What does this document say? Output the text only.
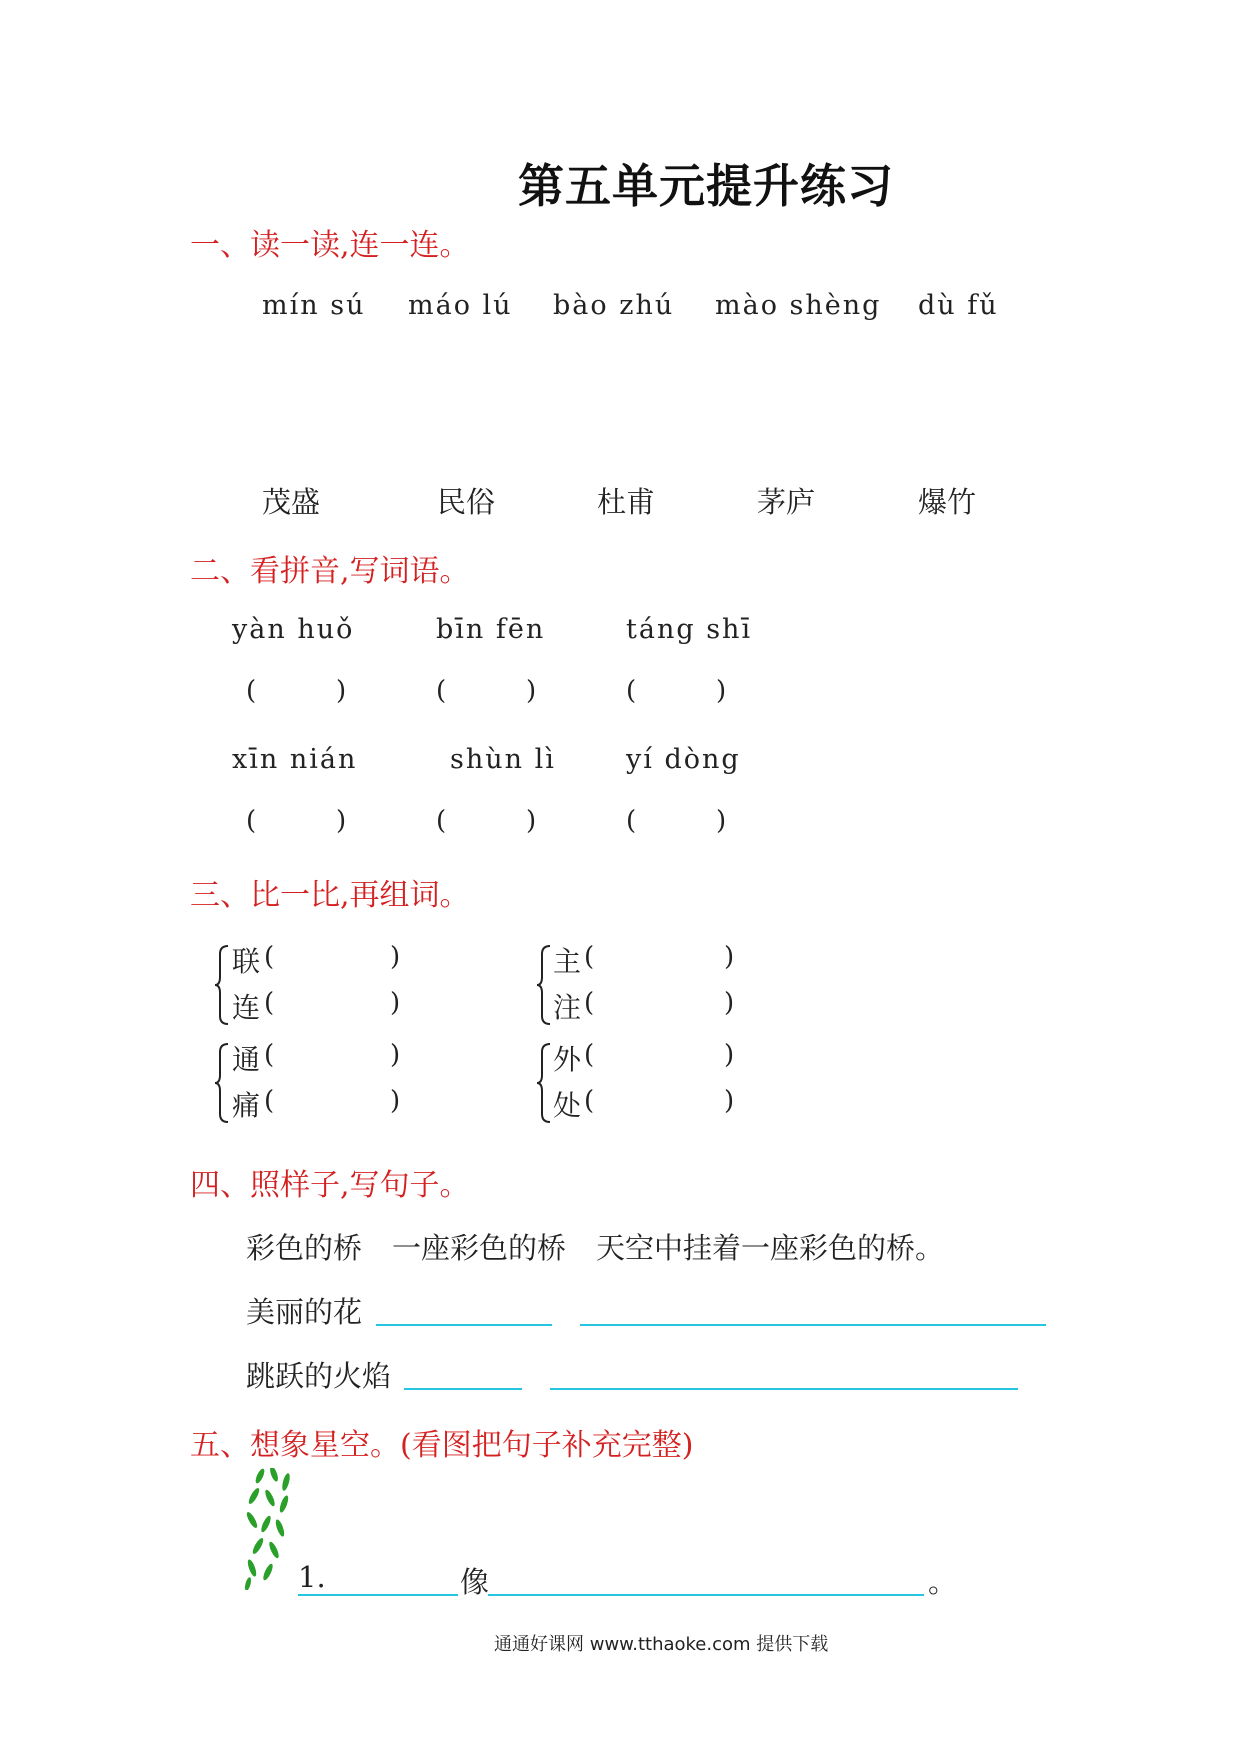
第五单元提升练习
一、读一读,连一连。
mín sú máo lú bào zhú mào shèng dù fǔ
茂盛	民俗	杜甫	茅庐	爆竹
二、看拼音,写词语。
yàn huǒ	bīn fēn	táng shī
(	)	(	)	(	)
xīn nián	shùn lì	yí dòng
(	)	(	)	(	)
三、比一比,再组词。
联 (	)
连 (	)
主 (	)
注 (	)
通 (	)
痛 (	)
外 (	)
处 (	)
四、照样子,写句子。
彩色的桥 一座彩色的桥 天空中挂着一座彩色的桥。
美丽的花
跳跃的火焰
五、想象星空。(看图把句子补充完整)
1.	像	。
通通好课网 www.tthaoke.com 提供下载
